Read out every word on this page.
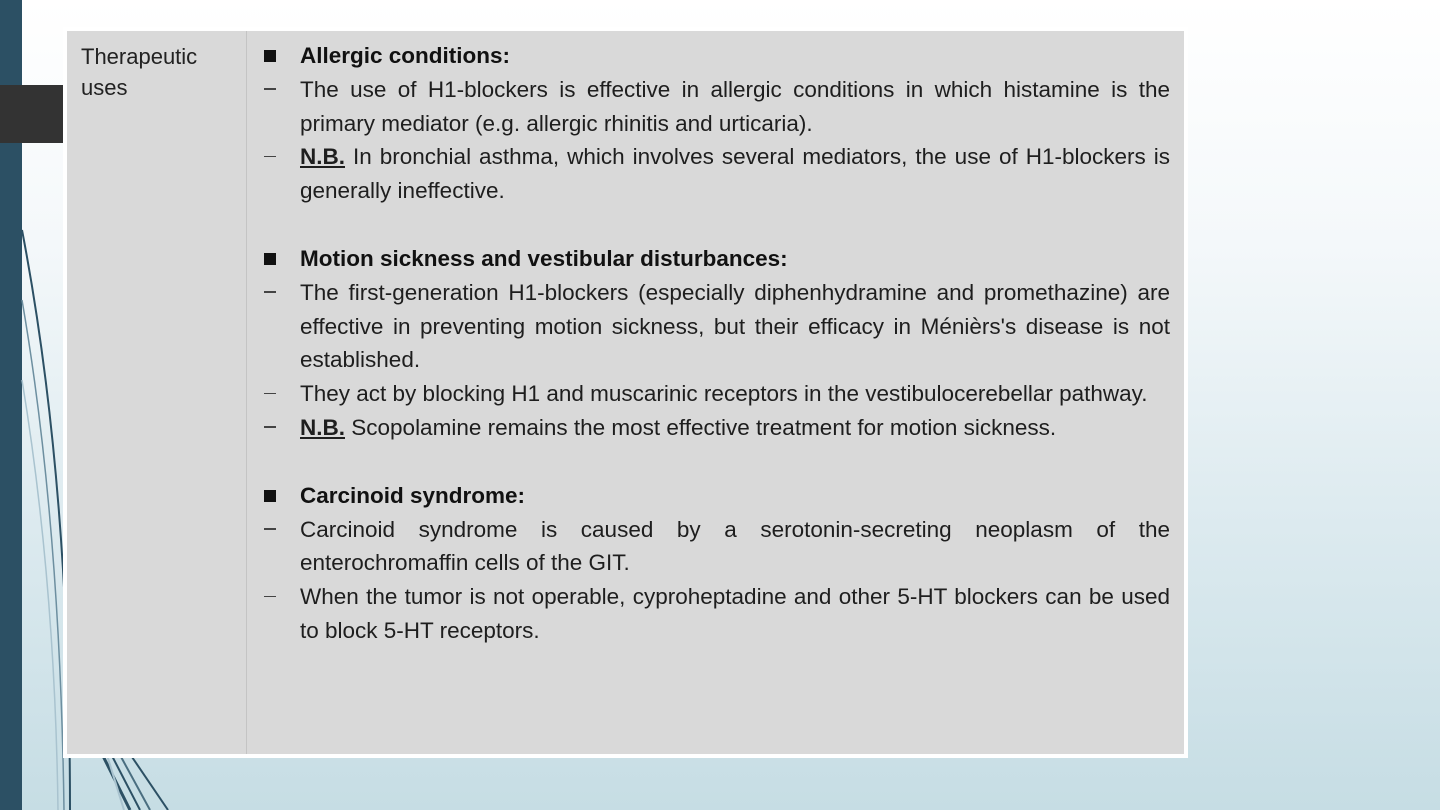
Therapeutic uses
Allergic conditions:
The use of H1-blockers is effective in allergic conditions in which histamine is the primary mediator (e.g. allergic rhinitis and urticaria).
N.B. In bronchial asthma, which involves several mediators, the use of H1-blockers is generally ineffective.
Motion sickness and vestibular disturbances:
The first-generation H1-blockers (especially diphenhydramine and promethazine) are effective in preventing motion sickness, but their efficacy in Ménièrs's disease is not established.
They act by blocking H1 and muscarinic receptors in the vestibulocerebellar pathway.
N.B. Scopolamine remains the most effective treatment for motion sickness.
Carcinoid syndrome:
Carcinoid syndrome is caused by a serotonin-secreting neoplasm of the enterochromaffin cells of the GIT.
When the tumor is not operable, cyproheptadine and other 5-HT blockers can be used to block 5-HT receptors.
